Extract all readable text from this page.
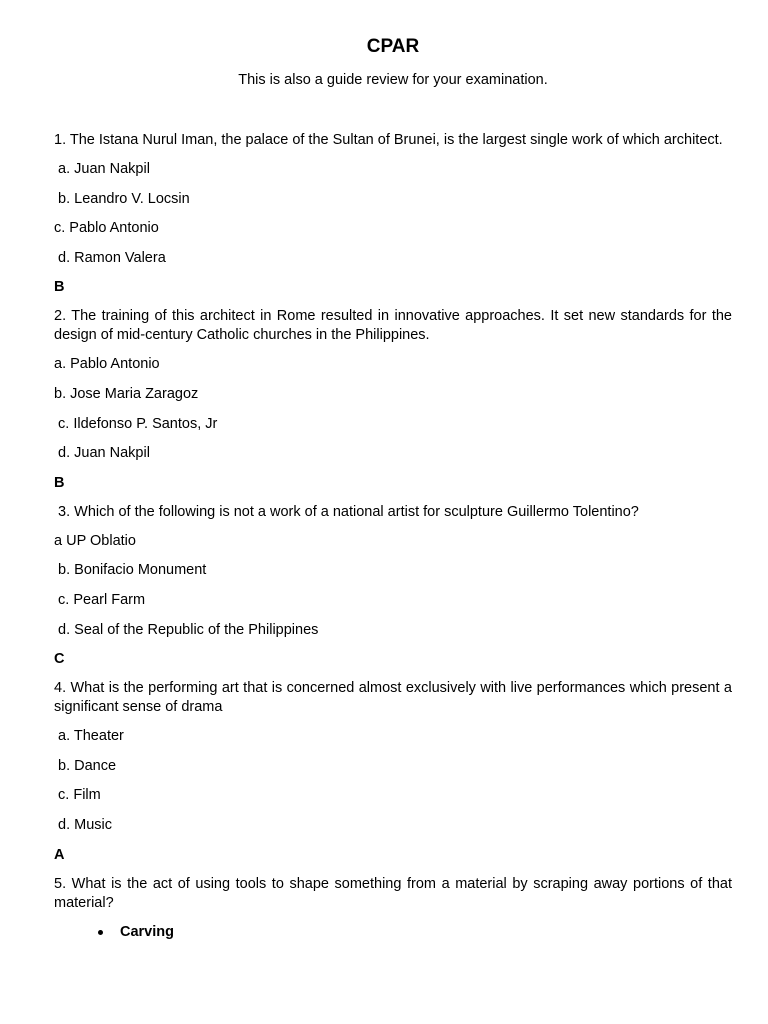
CPAR

This is also a guide review for your examination.

1. The Istana Nurul Iman, the palace of the Sultan of Brunei, is the largest single work of which architect.

a. Juan Nakpil

b. Leandro V. Locsin

c. Pablo Antonio

d. Ramon Valera

B

2. The training of this architect in Rome resulted in innovative approaches. It set new standards for the design of mid-century Catholic churches in the Philippines.

a. Pablo Antonio

b. Jose Maria Zaragoz

c. Ildefonso P. Santos, Jr

d. Juan Nakpil

B

3. Which of the following is not a work of a national artist for sculpture Guillermo Tolentino?

a UP Oblatio

b. Bonifacio Monument

c. Pearl Farm

d. Seal of the Republic of the Philippines

C

4. What is the performing art that is concerned almost exclusively with live performances which present a significant sense of drama

a. Theater

b. Dance

c. Film

d. Music

A

5. What is the act of using tools to shape something from a material by scraping away portions of that material?

Carving
